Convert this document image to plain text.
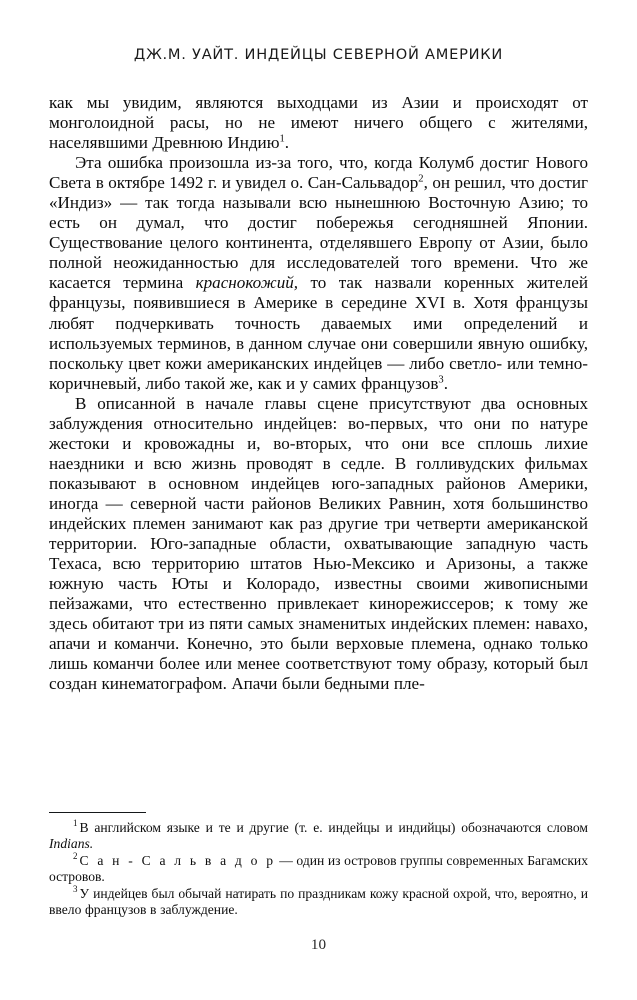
ДЖ.М. УАЙТ. ИНДЕЙЦЫ СЕВЕРНОЙ АМЕРИКИ

как мы увидим, являются выходцами из Азии и происходят от монголоидной расы, но не имеют ничего общего с жителями, населявшими Древнюю Индию$^1$.

Эта ошибка произошла из-за того, что, когда Колумб достиг Нового Света в октябре 1492 г. и увидел о. Сан-Сальвадор$^2$, он решил, что достиг «Индиз» — так тогда называли всю нынешнюю Восточную Азию; то есть он думал, что достиг побережья сегодняшней Японии. Существование целого континента, отделявшего Европу от Азии, было полной неожиданностью для исследователей того времени. Что же касается термина краснокожий, то так назвали коренных жителей французы, появившиеся в Америке в середине XVI в. Хотя французы любят подчеркивать точность даваемых ими определений и используемых терминов, в данном случае они совершили явную ошибку, поскольку цвет кожи американских индейцев — либо светло- или темно-коричневый, либо такой же, как и у самих французов$^3$.

В описанной в начале главы сцене присутствуют два основных заблуждения относительно индейцев: во-первых, что они по натуре жестоки и кровожадны и, во-вторых, что они все сплошь лихие наездники и всю жизнь проводят в седле. В голливудских фильмах показывают в основном индейцев юго-западных районов Америки, иногда — северной части районов Великих Равнин, хотя большинство индейских племен занимают как раз другие три четверти американской территории. Юго-западные области, охватывающие западную часть Техаса, всю территорию штатов Нью-Мексико и Аризоны, а также южную часть Юты и Колорадо, известны своими живописными пейзажами, что естественно привлекает кинорежиссеров; к тому же здесь обитают три из пяти самых знаменитых индейских племен: навахо, апачи и команчи. Конечно, это были верховые племена, однако только лишь команчи более или менее соответствуют тому образу, который был создан кинематографом. Апачи были бедными пле-

$^1$ В английском языке и те и другие (т. е. индейцы и индийцы) обозначаются словом Indians.

$^2$ С а н - С а л ь в а д о р — один из островов группы современных Багамских островов.

$^3$ У индейцев был обычай натирать по праздникам кожу красной охрой, что, вероятно, и ввело французов в заблуждение.

10
